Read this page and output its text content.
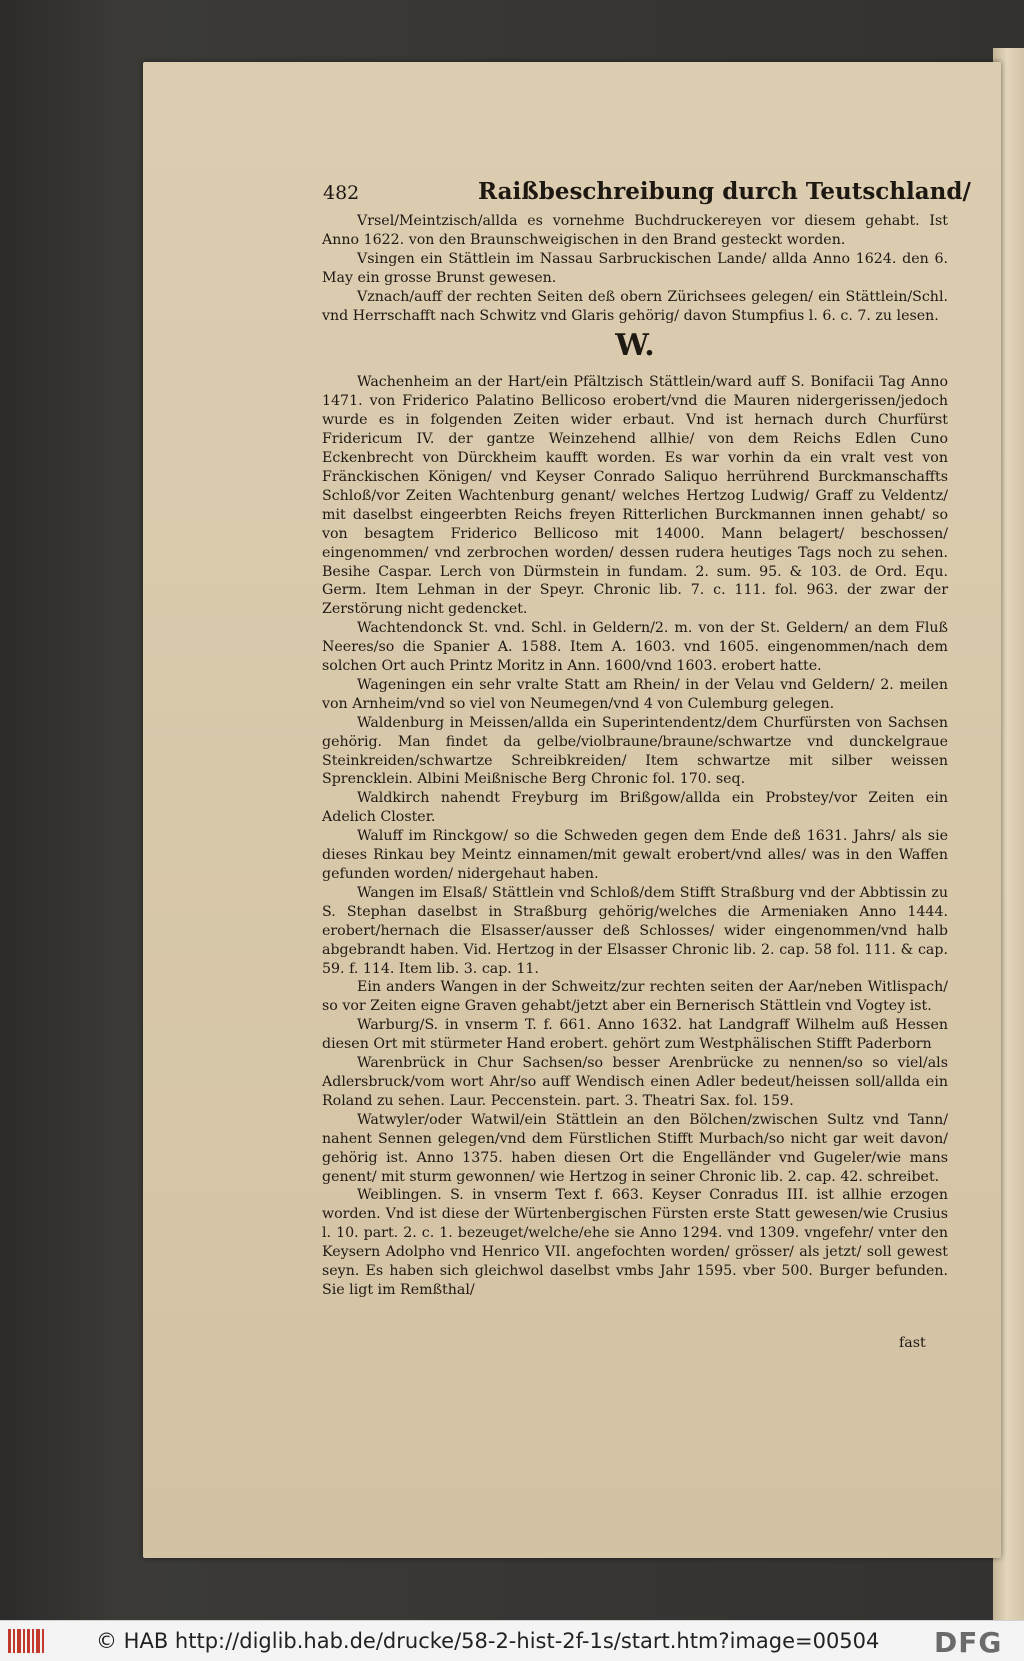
482	Raißbeschreibung durch Teutschland/

Vrsel/Meintzisch/allda es vornehme Buchdruckereyen vor diesem gehabt. Ist Anno 1622. von den Braunschweigischen in den Brand gesteckt worden.

Vsingen ein Stättlein im Nassau Sarbruckischen Lande/ allda Anno 1624. den 6. May ein grosse Brunst gewesen.

Vznach/auff der rechten Seiten deß obern Zürichsees gelegen/ ein Stättlein/Schl. vnd Herrschafft nach Schwitz vnd Glaris gehörig/ davon Stumpfius l. 6. c. 7. zu lesen.

W.

Wachenheim an der Hart/ein Pfältzisch Stättlein/ward auff S. Bonifacii Tag Anno 1471. von Friderico Palatino Bellicoso erobert/vnd die Mauren nidergerissen/jedoch wurde es in folgenden Zeiten wider erbaut. Vnd ist hernach durch Churfürst Fridericum IV. der gantze Weinzehend allhie/ von dem Reichs Edlen Cuno Eckenbrecht von Dürckheim kaufft worden. Es war vorhin da ein vralt vest von Fränckischen Königen/ vnd Keyser Conrado Saliquo herrührend Burckmanschaffts Schloß/vor Zeiten Wachtenburg genant/ welches Hertzog Ludwig/ Graff zu Veldentz/ mit daselbst eingeerbten Reichs freyen Ritterlichen Burckmannen innen gehabt/ so von besagtem Friderico Bellicoso mit 14000. Mann belagert/ beschossen/ eingenommen/ vnd zerbrochen worden/ dessen rudera heutiges Tags noch zu sehen. Besihe Caspar. Lerch von Dürmstein in fundam. 2. sum. 95. & 103. de Ord. Equ. Germ. Item Lehman in der Speyr. Chronic lib. 7. c. 111. fol. 963. der zwar der Zerstörung nicht gedencket.

Wachtendonck St. vnd. Schl. in Geldern/2. m. von der St. Geldern/ an dem Fluß Neeres/so die Spanier A. 1588. Item A. 1603. vnd 1605. eingenommen/nach dem solchen Ort auch Printz Moritz in Ann. 1600/vnd 1603. erobert hatte.

Wageningen ein sehr vralte Statt am Rhein/ in der Velau vnd Geldern/ 2. meilen von Arnheim/vnd so viel von Neumegen/vnd 4 von Culemburg gelegen.

Waldenburg in Meissen/allda ein Superintendentz/dem Churfürsten von Sachsen gehörig. Man findet da gelbe/violbraune/braune/schwartze vnd dunckelgraue Steinkreiden/schwartze Schreibkreiden/ Item schwartze mit silber weissen Sprencklein. Albini Meißnische Berg Chronic fol. 170. seq.

Waldkirch nahendt Freyburg im Brißgow/allda ein Probstey/vor Zeiten ein Adelich Closter.

Waluff im Rinckgow/ so die Schweden gegen dem Ende deß 1631. Jahrs/ als sie dieses Rinkau bey Meintz einnamen/mit gewalt erobert/vnd alles/ was in den Waffen gefunden worden/ nidergehaut haben.

Wangen im Elsaß/ Stättlein vnd Schloß/dem Stifft Straßburg vnd der Abbtissin zu S. Stephan daselbst in Straßburg gehörig/welches die Armeniaken Anno 1444. erobert/hernach die Elsasser/ausser deß Schlosses/ wider eingenommen/vnd halb abgebrandt haben. Vid. Hertzog in der Elsasser Chronic lib. 2. cap. 58 fol. 111. & cap. 59. f. 114. Item lib. 3. cap. 11.

Ein anders Wangen in der Schweitz/zur rechten seiten der Aar/neben Witlispach/ so vor Zeiten eigne Graven gehabt/jetzt aber ein Bernerisch Stättlein vnd Vogtey ist.

Warburg/S. in vnserm T. f. 661. Anno 1632. hat Landgraff Wilhelm auß Hessen diesen Ort mit stürmeter Hand erobert. gehört zum Westphälischen Stifft Paderborn

Warenbrück in Chur Sachsen/so besser Arenbrücke zu nennen/so so viel/als Adlersbruck/vom wort Ahr/so auff Wendisch einen Adler bedeut/heissen soll/allda ein Roland zu sehen. Laur. Peccenstein. part. 3. Theatri Sax. fol. 159.

Watwyler/oder Watwil/ein Stättlein an den Bölchen/zwischen Sultz vnd Tann/ nahent Sennen gelegen/vnd dem Fürstlichen Stifft Murbach/so nicht gar weit davon/ gehörig ist. Anno 1375. haben diesen Ort die Engelländer vnd Gugeler/wie mans genent/ mit sturm gewonnen/ wie Hertzog in seiner Chronic lib. 2. cap. 42. schreibet.

Weiblingen. S. in vnserm Text f. 663. Keyser Conradus III. ist allhie erzogen worden. Vnd ist diese der Würtenbergischen Fürsten erste Statt gewesen/wie Crusius l. 10. part. 2. c. 1. bezeuget/welche/ehe sie Anno 1294. vnd 1309. vngefehr/ vnter den Keysern Adolpho vnd Henrico VII. angefochten worden/ grösser/ als jetzt/ soll gewest seyn. Es haben sich gleichwol daselbst vmbs Jahr 1595. vber 500. Burger befunden. Sie ligt im Remßthal/

fast
© HAB http://diglib.hab.de/drucke/58-2-hist-2f-1s/start.htm?image=00504 DFG
